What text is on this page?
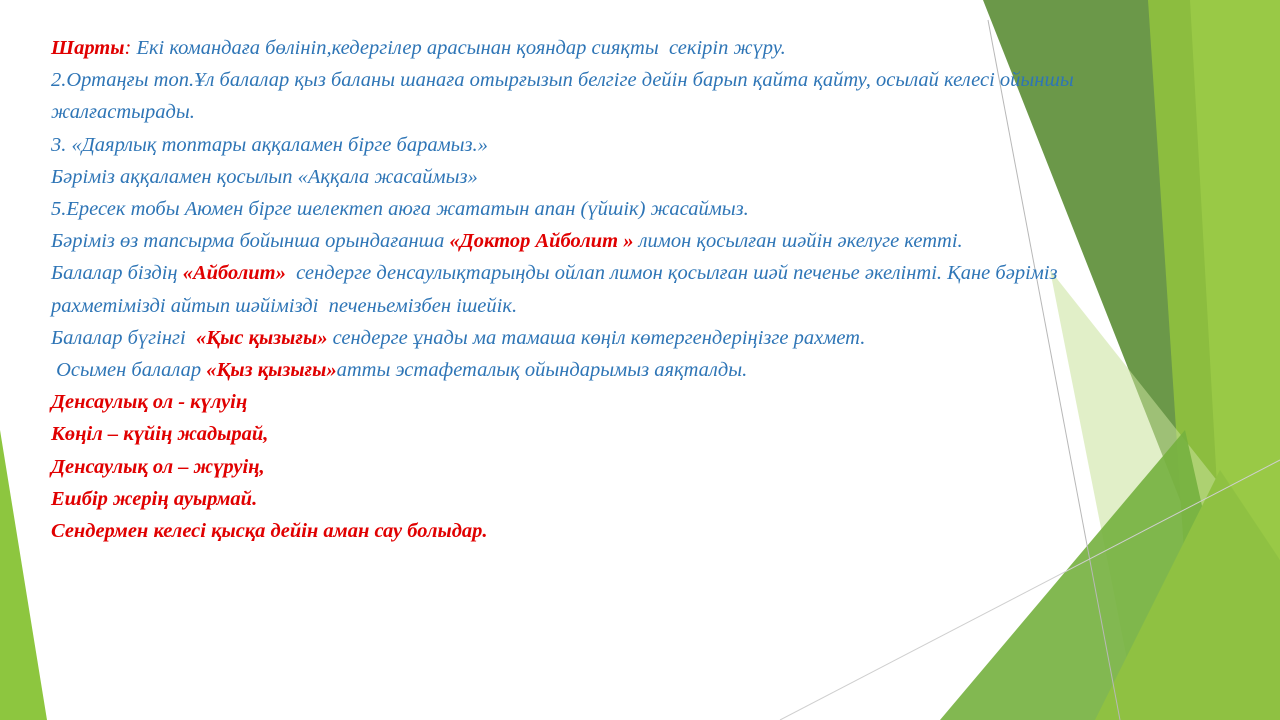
Шарты: Екі командаға бөлініп,кедергілер арасынан қояндар сияқты  секіріп жүру.
2.Ортаңғы топ.Ұл балалар қыз баланы шанаға отырғызып белгіге дейін барып қайта қайту, осылай келесі ойыншы
жалғастырады.
3. «Даярлық топтары аққаламен бірге барамыз.»
Бәріміз аққаламен қосылып «Аққала жасаймыз»
5.Ересек тобы Аюмен бірге шелектеп аюға жататын апан (үйшік) жасаймыз.
Бәріміз өз тапсырма бойынша орындағанша «Доктор Айболит » лимон қосылған шәйін әкелуге кетті.
Балалар біздің «Айболит»  сендерге денсаулықтарыңды ойлап лимон қосылған шәй печенье әкелінті. Қане бәріміз
рахметімізді айтып шәйімізді  печеньемізбен ішейік.
Балалар бүгінгі  «Қыс қызығы» сендерге ұнады ма тамаша көңіл көтергендеріңізге рахмет.
Осымен балалар «Қыз қызығы»атты эстафеталық ойындарымыз аяқталды.
Денсаулық ол - күлуің
Көңіл – күйің жадырай,
Денсаулық ол – жүруің,
Ешбір жерің ауырмай.
Сендермен келесі қысқа дейін аман сау болыдар.
